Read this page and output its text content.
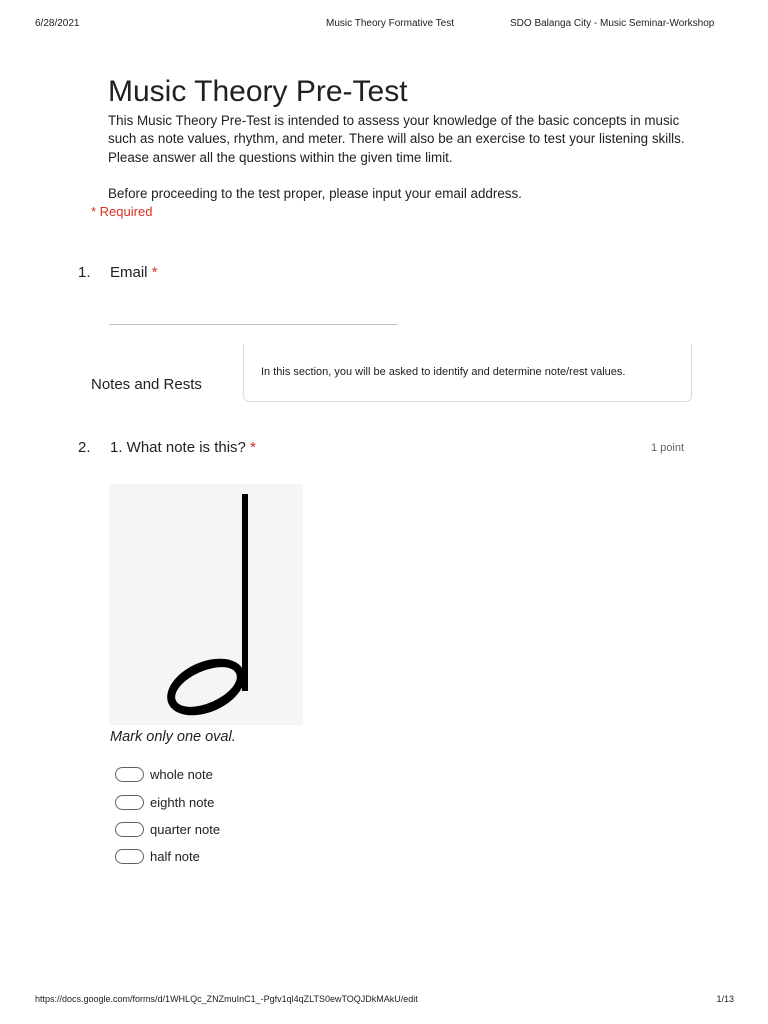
6/28/2021	Music Theory Formative Test	SDO Balanga City - Music Seminar-Workshop
Music Theory Pre-Test

This Music Theory Pre-Test is intended to assess your knowledge of the basic concepts in music such as note values, rhythm, and meter. There will also be an exercise to test your listening skills. Please answer all the questions within the given time limit.

Before proceeding to the test proper, please input your email address.

* Required
1. Email *
Notes and Rests
In this section, you will be asked to identify and determine note/rest values.
2. 1. What note is this? *	1 point
Mark only one oval.
whole note
eighth note
quarter note
half note
https://docs.google.com/forms/d/1WHLQc_ZNZmuInC1_-Pgfv1ql4qZLTS0ewTOQJDkMAkU/edit	1/13
